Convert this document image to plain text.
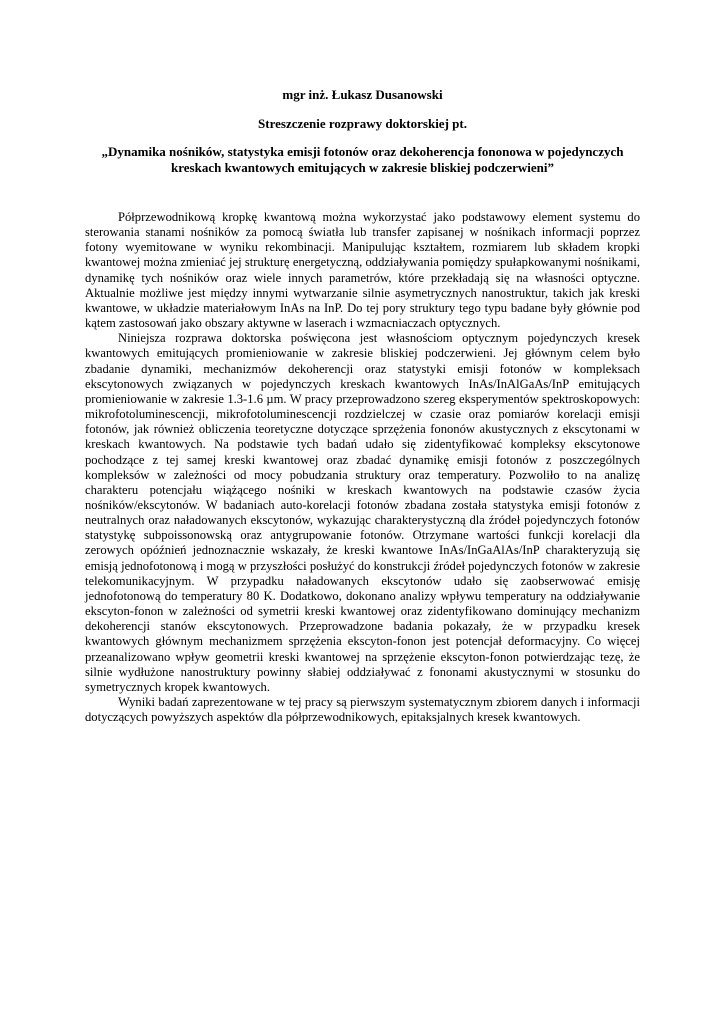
mgr inż. Łukasz Dusanowski

Streszczenie rozprawy doktorskiej pt.

„Dynamika nośników, statystyka emisji fotonów oraz dekoherencja fononowa w pojedynczych kreskach kwantowych emitujących w zakresie bliskiej podczerwieni”

Półprzewodnikową kropkę kwantową można wykorzystać jako podstawowy element systemu do sterowania stanami nośników za pomocą światła lub transfer zapisanej w nośnikach informacji poprzez fotony wyemitowane w wyniku rekombinacji. Manipulując kształtem, rozmiarem lub składem kropki kwantowej można zmieniać jej strukturę energetyczną, oddziaływania pomiędzy spułapkowanymi nośnikami, dynamikę tych nośników oraz wiele innych parametrów, które przekładają się na własności optyczne. Aktualnie możliwe jest między innymi wytwarzanie silnie asymetrycznych nanostruktur, takich jak kreski kwantowe, w układzie materiałowym InAs na InP. Do tej pory struktury tego typu badane były głównie pod kątem zastosowań jako obszary aktywne w laserach i wzmacniaczach optycznych.

Niniejsza rozprawa doktorska poświęcona jest własnościom optycznym pojedynczych kresek kwantowych emitujących promieniowanie w zakresie bliskiej podczerwieni. Jej głównym celem było zbadanie dynamiki, mechanizmów dekoherencji oraz statystyki emisji fotonów w kompleksach ekscytonowych związanych w pojedynczych kreskach kwantowych InAs/InAlGaAs/InP emitujących promieniowanie w zakresie 1.3-1.6 µm. W pracy przeprowadzono szereg eksperymentów spektroskopowych: mikrofotoluminescencji, mikrofotoluminescencji rozdzielczej w czasie oraz pomiarów korelacji emisji fotonów, jak również obliczenia teoretyczne dotyczące sprzężenia fononów akustycznych z ekscytonami w kreskach kwantowych. Na podstawie tych badań udało się zidentyfikować kompleksy ekscytonowe pochodzące z tej samej kreski kwantowej oraz zbadać dynamikę emisji fotonów z poszczególnych kompleksów w zależności od mocy pobudzania struktury oraz temperatury. Pozwoliło to na analizę charakteru potencjału wiążącego nośniki w kreskach kwantowych na podstawie czasów życia nośników/ekscytonów. W badaniach auto-korelacji fotonów zbadana została statystyka emisji fotonów z neutralnych oraz naładowanych ekscytonów, wykazując charakterystyczną dla źródeł pojedynczych fotonów statystykę subpoissonowską oraz antygrupowanie fotonów. Otrzymane wartości funkcji korelacji dla zerowych opóźnień jednoznacznie wskazały, że kreski kwantowe InAs/InGaAlAs/InP charakteryzują się emisją jednofotonową i mogą w przyszłości posłużyć do konstrukcji źródeł pojedynczych fotonów w zakresie telekomunikacyjnym. W przypadku naładowanych ekscytonów udało się zaobserwować emisję jednofotonową do temperatury 80 K. Dodatkowo, dokonano analizy wpływu temperatury na oddziaływanie ekscyton-fonon w zależności od symetrii kreski kwantowej oraz zidentyfikowano dominujący mechanizm dekoherencji stanów ekscytonowych. Przeprowadzone badania pokazały, że w przypadku kresek kwantowych głównym mechanizmem sprzężenia ekscyton-fonon jest potencjał deformacyjny. Co więcej przeanalizowano wpływ geometrii kreski kwantowej na sprzężenie ekscyton-fonon potwierdzając tezę, że silnie wydłużone nanostruktury powinny słabiej oddziaływać z fononami akustycznymi w stosunku do symetrycznych kropek kwantowych.

Wyniki badań zaprezentowane w tej pracy są pierwszym systematycznym zbiorem danych i informacji dotyczących powyższych aspektów dla półprzewodnikowych, epitaksjalnych kresek kwantowych.
